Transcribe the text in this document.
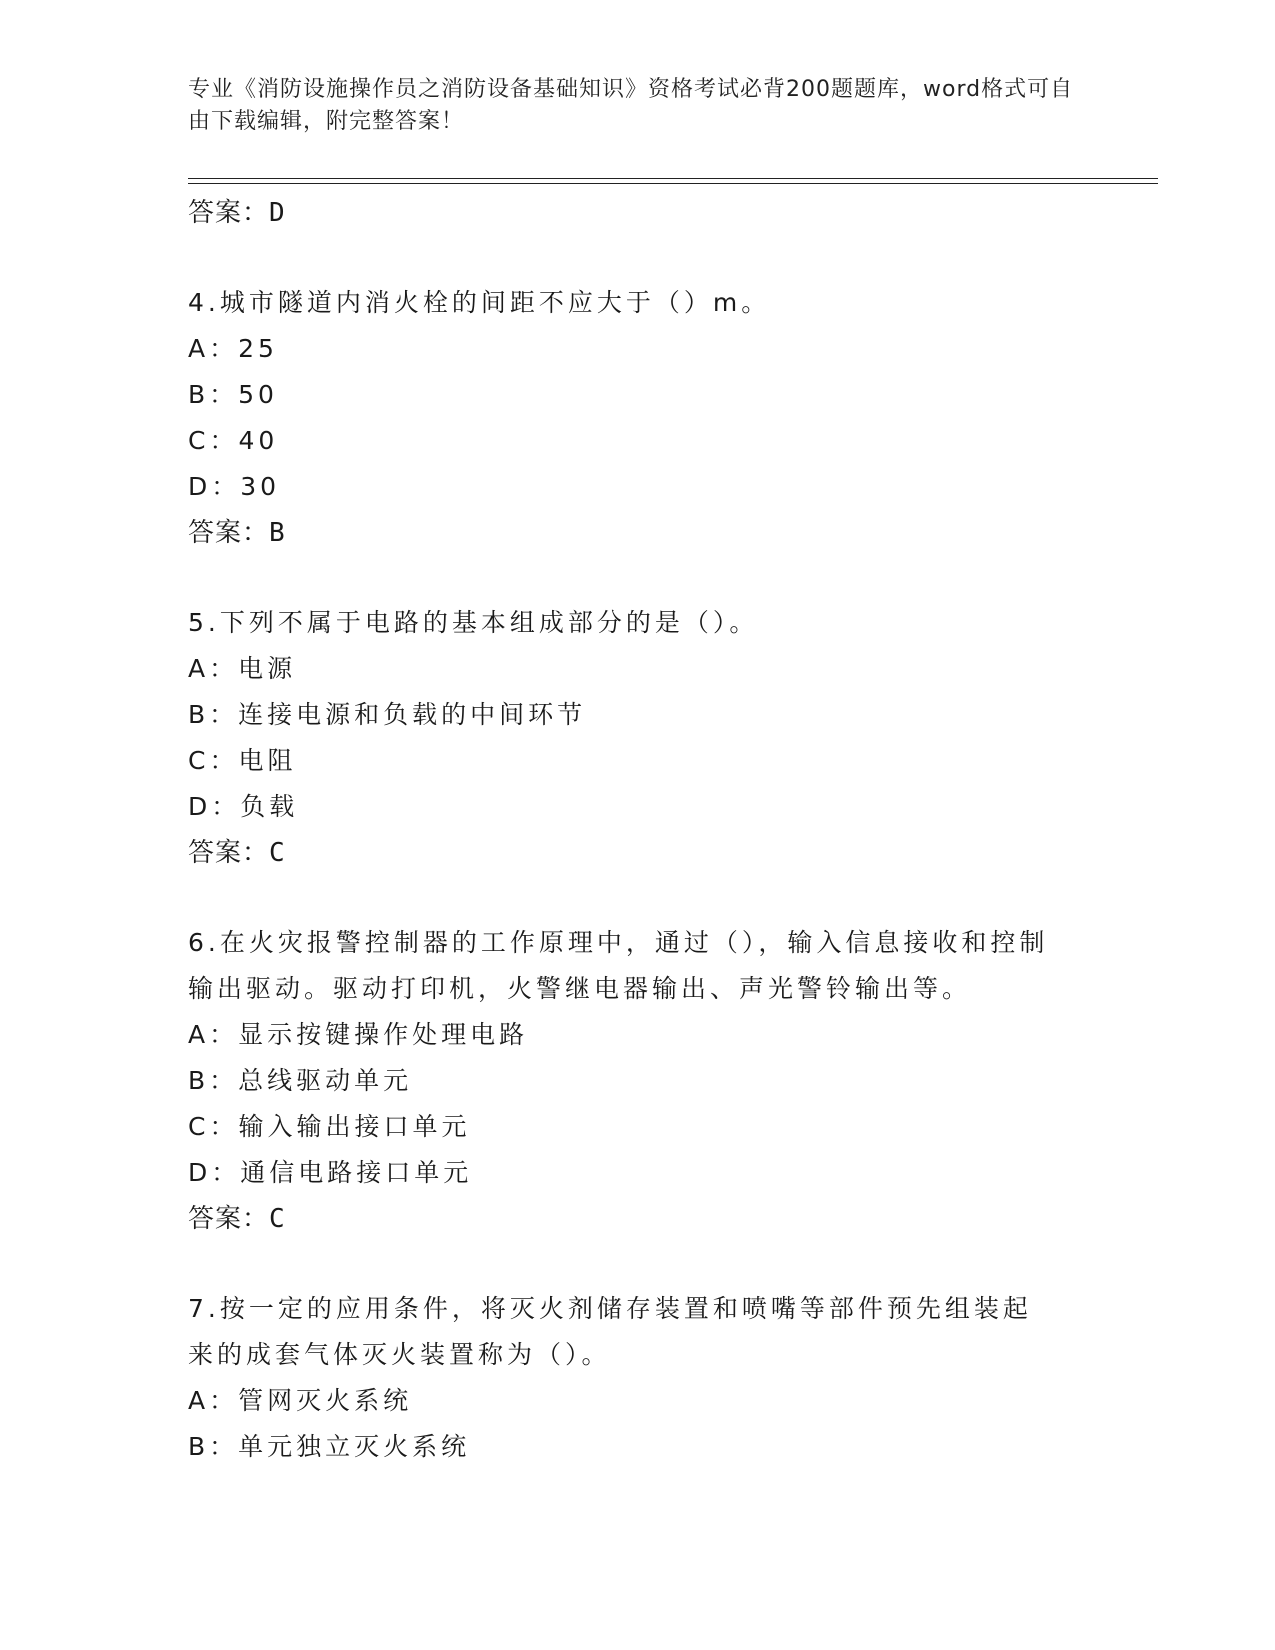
专业《消防设施操作员之消防设备基础知识》资格考试必背200题题库，word格式可自由下载编辑，附完整答案！
答案：D
4.城市隧道内消火栓的间距不应大于（）m。
A：25
B：50
C：40
D：30
答案：B
5.下列不属于电路的基本组成部分的是（）。
A：电源
B：连接电源和负载的中间环节
C：电阻
D：负载
答案：C
6.在火灾报警控制器的工作原理中，通过（），输入信息接收和控制输出驱动。驱动打印机，火警继电器输出、声光警铃输出等。
A：显示按键操作处理电路
B：总线驱动单元
C：输入输出接口单元
D：通信电路接口单元
答案：C
7.按一定的应用条件，将灭火剂储存装置和喷嘴等部件预先组装起来的成套气体灭火装置称为（）。
A：管网灭火系统
B：单元独立灭火系统
